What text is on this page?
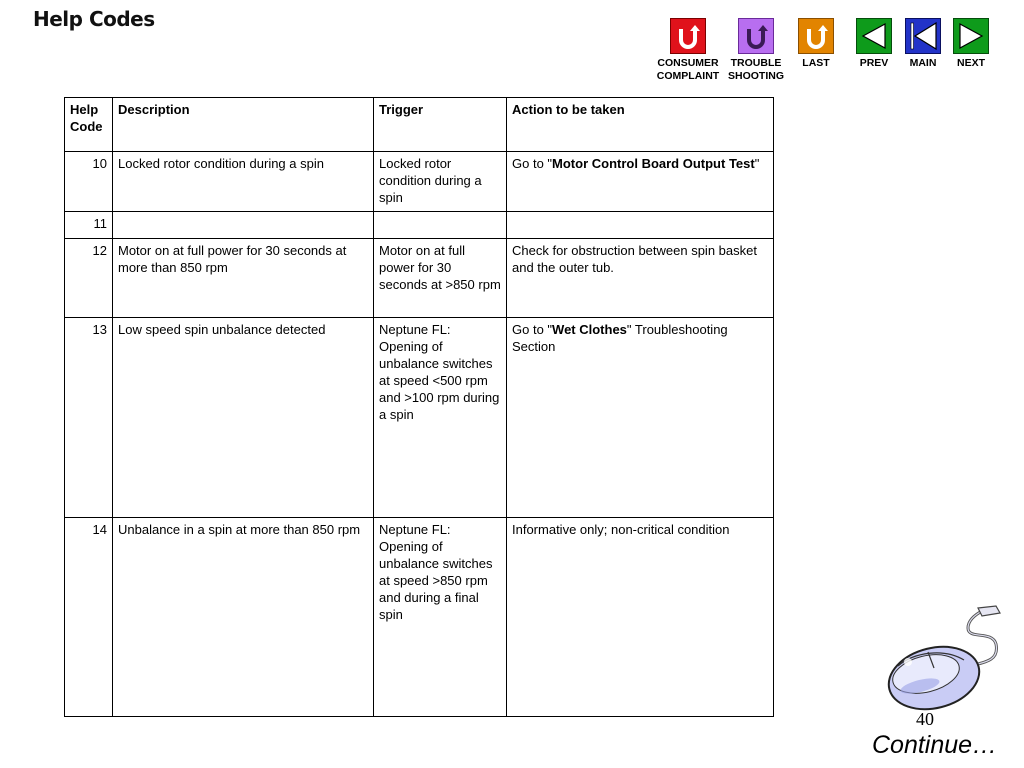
Help Codes
CONSUMER
COMPLAINT
TROUBLE
SHOOTING
LAST	PREV	MAIN	NEXT
Help Code	Description	Trigger	Action to be taken
10	Locked rotor condition during a spin	Locked rotor condition during a spin	Go to "Motor Control Board Output Test"
11			
12	Motor on at full power for 30 seconds at more than 850 rpm	Motor on at full power for 30 seconds at >850 rpm	Check for obstruction between spin basket and the outer tub.
13	Low speed spin unbalance detected	Neptune FL: Opening of unbalance switches at speed <500 rpm and >100 rpm during a spin	Go to "Wet Clothes" Troubleshooting Section
14	Unbalance in a spin at more than 850 rpm	Neptune FL: Opening of unbalance switches at speed >850 rpm and during a final spin	Informative only; non-critical condition
40
Continue…
